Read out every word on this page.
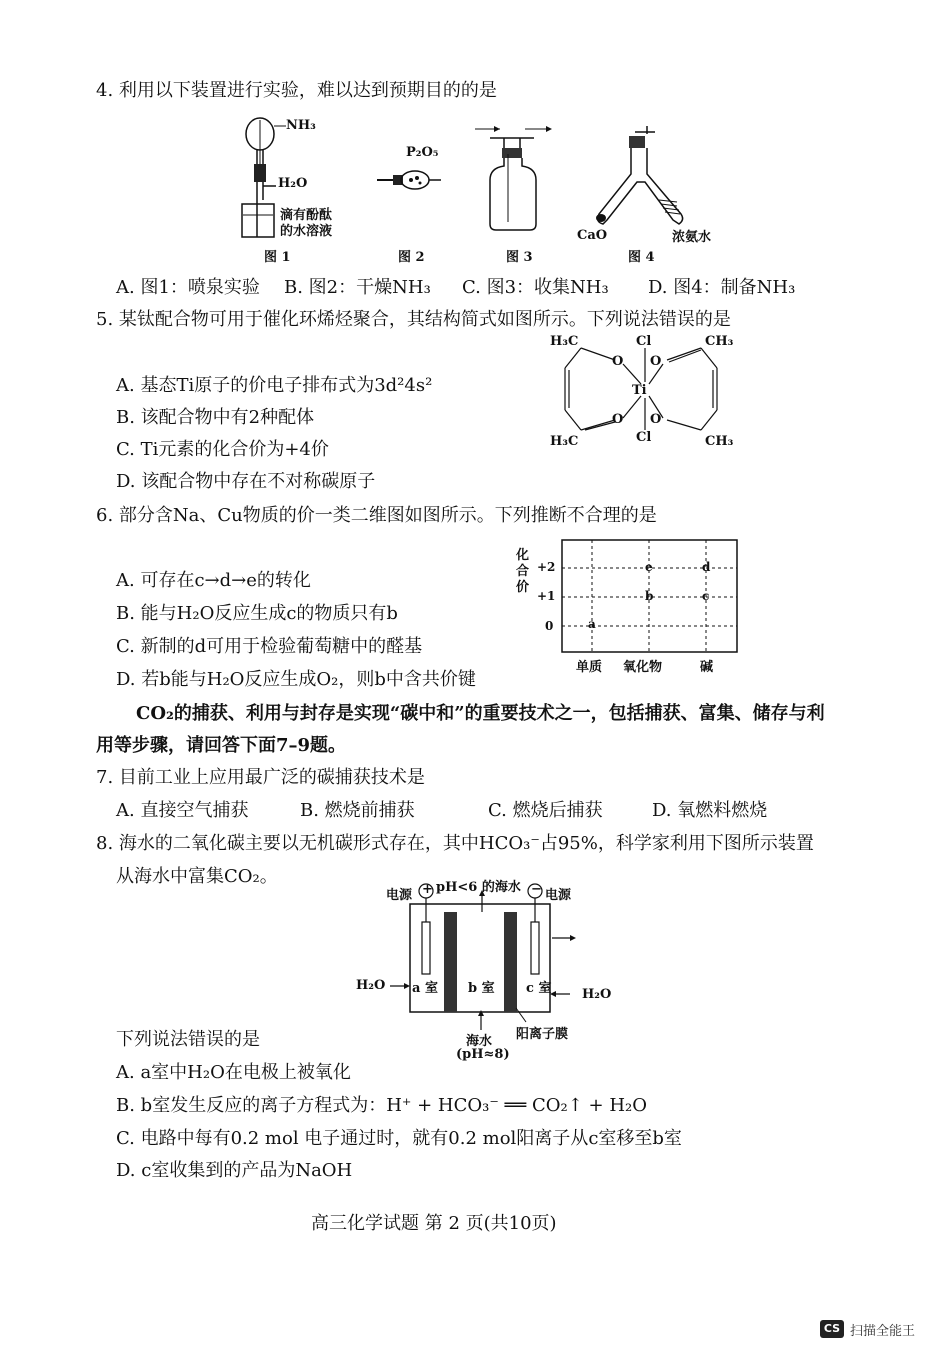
4. 利用以下装置进行实验，难以达到预期目的的是
NH₃
H₂O
滴有酚酞
的水溶液
图 1
P₂O₅
图 2	图 3
CaO	浓氨水
图 4
A. 图1：喷泉实验 B. 图2：干燥NH₃ C. 图3：收集NH₃ D. 图4：制备NH₃
5. 某钛配合物可用于催化环烯烃聚合，其结构简式如图所示。下列说法错误的是
A. 基态Ti原子的价电子排布式为3d²4s²
B. 该配合物中有2种配体
C. Ti元素的化合价为+4价
D. 该配合物中存在不对称碳原子
H₃C	CH₃
H₃C	CH₃
Cl
Cl
Ti
O O
O O
6. 部分含Na、Cu物质的价一类二维图如图所示。下列推断不合理的是
A. 可存在c→d→e的转化
B. 能与H₂O反应生成c的物质只有b
C. 新制的d可用于检验葡萄糖中的醛基
D. 若b能与H₂O反应生成O₂，则b中含共价键
化
合
价
+2
+1
0	a
b	c
d
e
单质 氧化物	碱
CO₂的捕获、利用与封存是实现“碳中和”的重要技术之一，包括捕获、富集、储存与利
用等步骤，请回答下面7–9题。
7. 目前工业上应用最广泛的碳捕获技术是
A. 直接空气捕获	B. 燃烧前捕获	C. 燃烧后捕获	D. 氧燃料燃烧
8. 海水的二氧化碳主要以无机碳形式存在，其中HCO₃⁻占95%，科学家利用下图所示装置
从海水中富集CO₂。
电源 +	− 电源
pH<6 的海水
a 室 b 室 c 室
H₂O
H₂O
海水
(pH≈8)
阳离子膜
下列说法错误的是
A. a室中H₂O在电极上被氧化
B. b室发生反应的离子方程式为：H⁺ + HCO₃⁻ ══ CO₂↑ + H₂O
C. 电路中每有0.2 mol 电子通过时，就有0.2 mol阳离子从c室移至b室
D. c室收集到的产品为NaOH
高三化学试题 第 2 页(共10页)
CS 扫描全能王
